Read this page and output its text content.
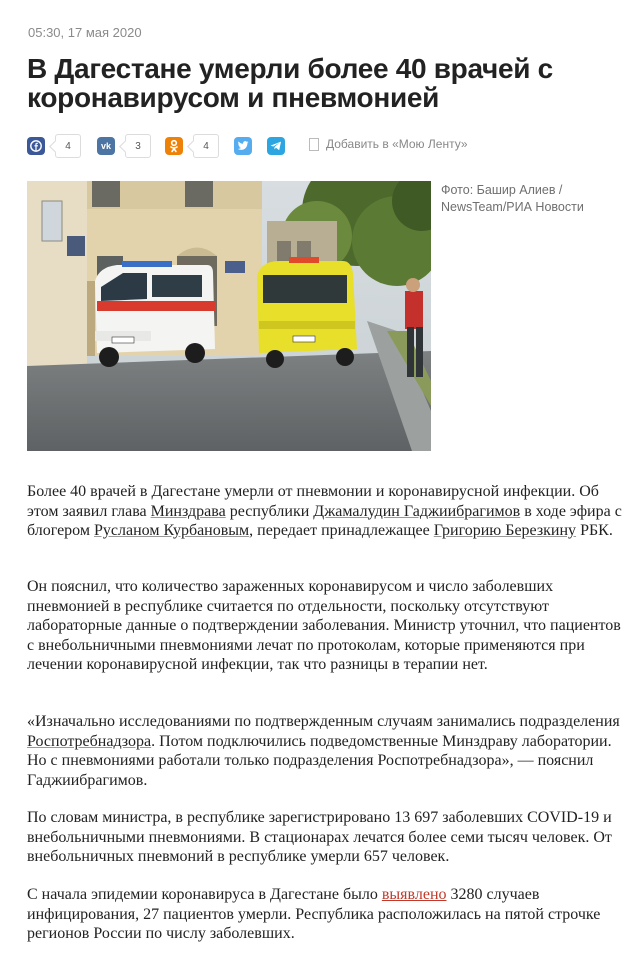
05:30, 17 мая 2020
В Дагестане умерли более 40 врачей с коронавирусом и пневмонией
4	vk	3	4	Добавить в «Мою Ленту»
Фото: Башир Алиев / NewsTeam/РИА Новости

Более 40 врачей в Дагестане умерли от пневмонии и коронавирусной инфекции. Об этом заявил глава Минздрава республики Джамалудин Гаджиибрагимов в ходе эфира с блогером Русланом Курбановым, передает принадлежащее Григорию Березкину РБК.

Он пояснил, что количество зараженных коронавирусом и число заболевших пневмонией в республике считается по отдельности, поскольку отсутствуют лабораторные данные о подтверждении заболевания. Министр уточнил, что пациентов с внебольничными пневмониями лечат по протоколам, которые применяются при лечении коронавирусной инфекции, так что разницы в терапии нет.

«Изначально исследованиями по подтвержденным случаям занимались подразделения Роспотребнадзора. Потом подключились подведомственные Минздраву лаборатории. Но с пневмониями работали только подразделения Роспотребнадзора», — пояснил Гаджиибрагимов.

По словам министра, в республике зарегистрировано 13 697 заболевших COVID-19 и внебольничными пневмониями. В стационарах лечатся более семи тысяч человек. От внебольничных пневмоний в республике умерли 657 человек.

С начала эпидемии коронавируса в Дагестане было выявлено 3280 случаев инфицирования, 27 пациентов умерли. Республика расположилась на пятой строчке регионов России по числу заболевших.
